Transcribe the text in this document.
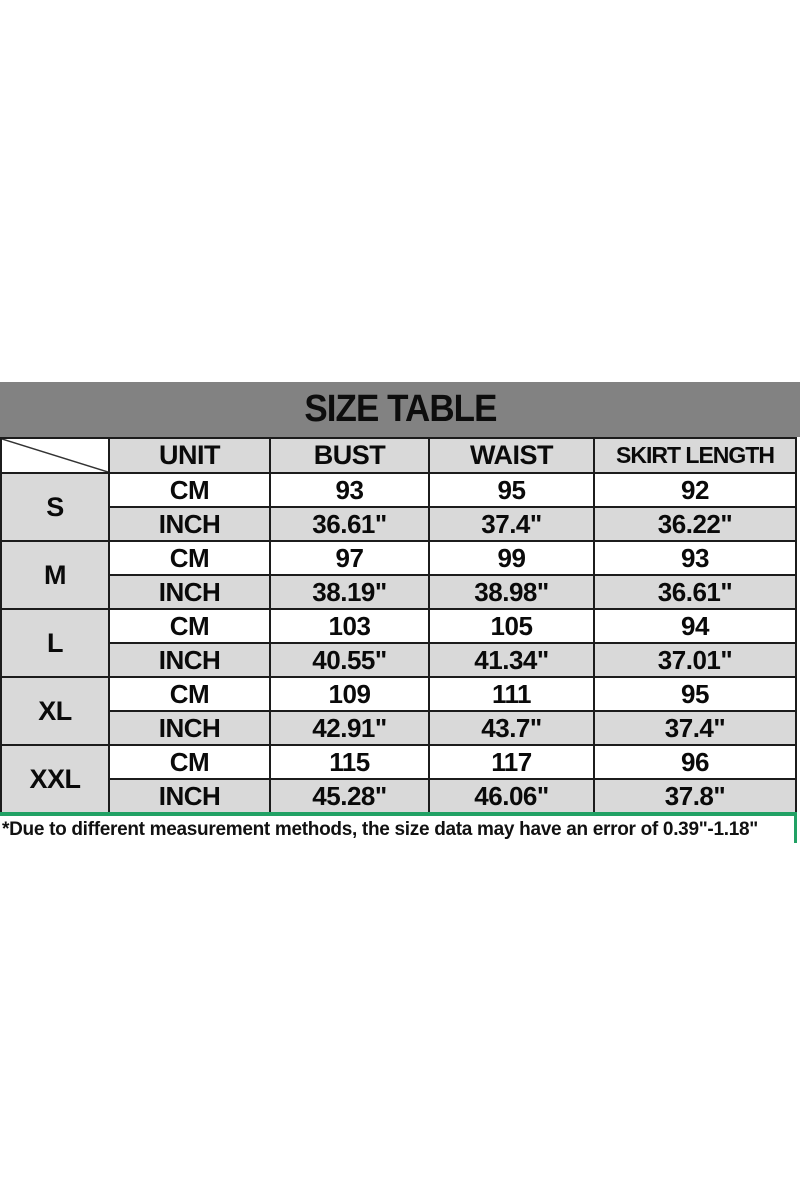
SIZE TABLE
	UNIT	BUST	WAIST	SKIRT LENGTH
S	CM	93	95	92
	INCH	36.61"	37.4"	36.22"
M	CM	97	99	93
	INCH	38.19"	38.98"	36.61"
L	CM	103	105	94
	INCH	40.55"	41.34"	37.01"
XL	CM	109	111	95
	INCH	42.91"	43.7"	37.4"
XXL	CM	115	117	96
	INCH	45.28"	46.06"	37.8"
*Due to different measurement methods, the size data may have an error of 0.39"-1.18"
